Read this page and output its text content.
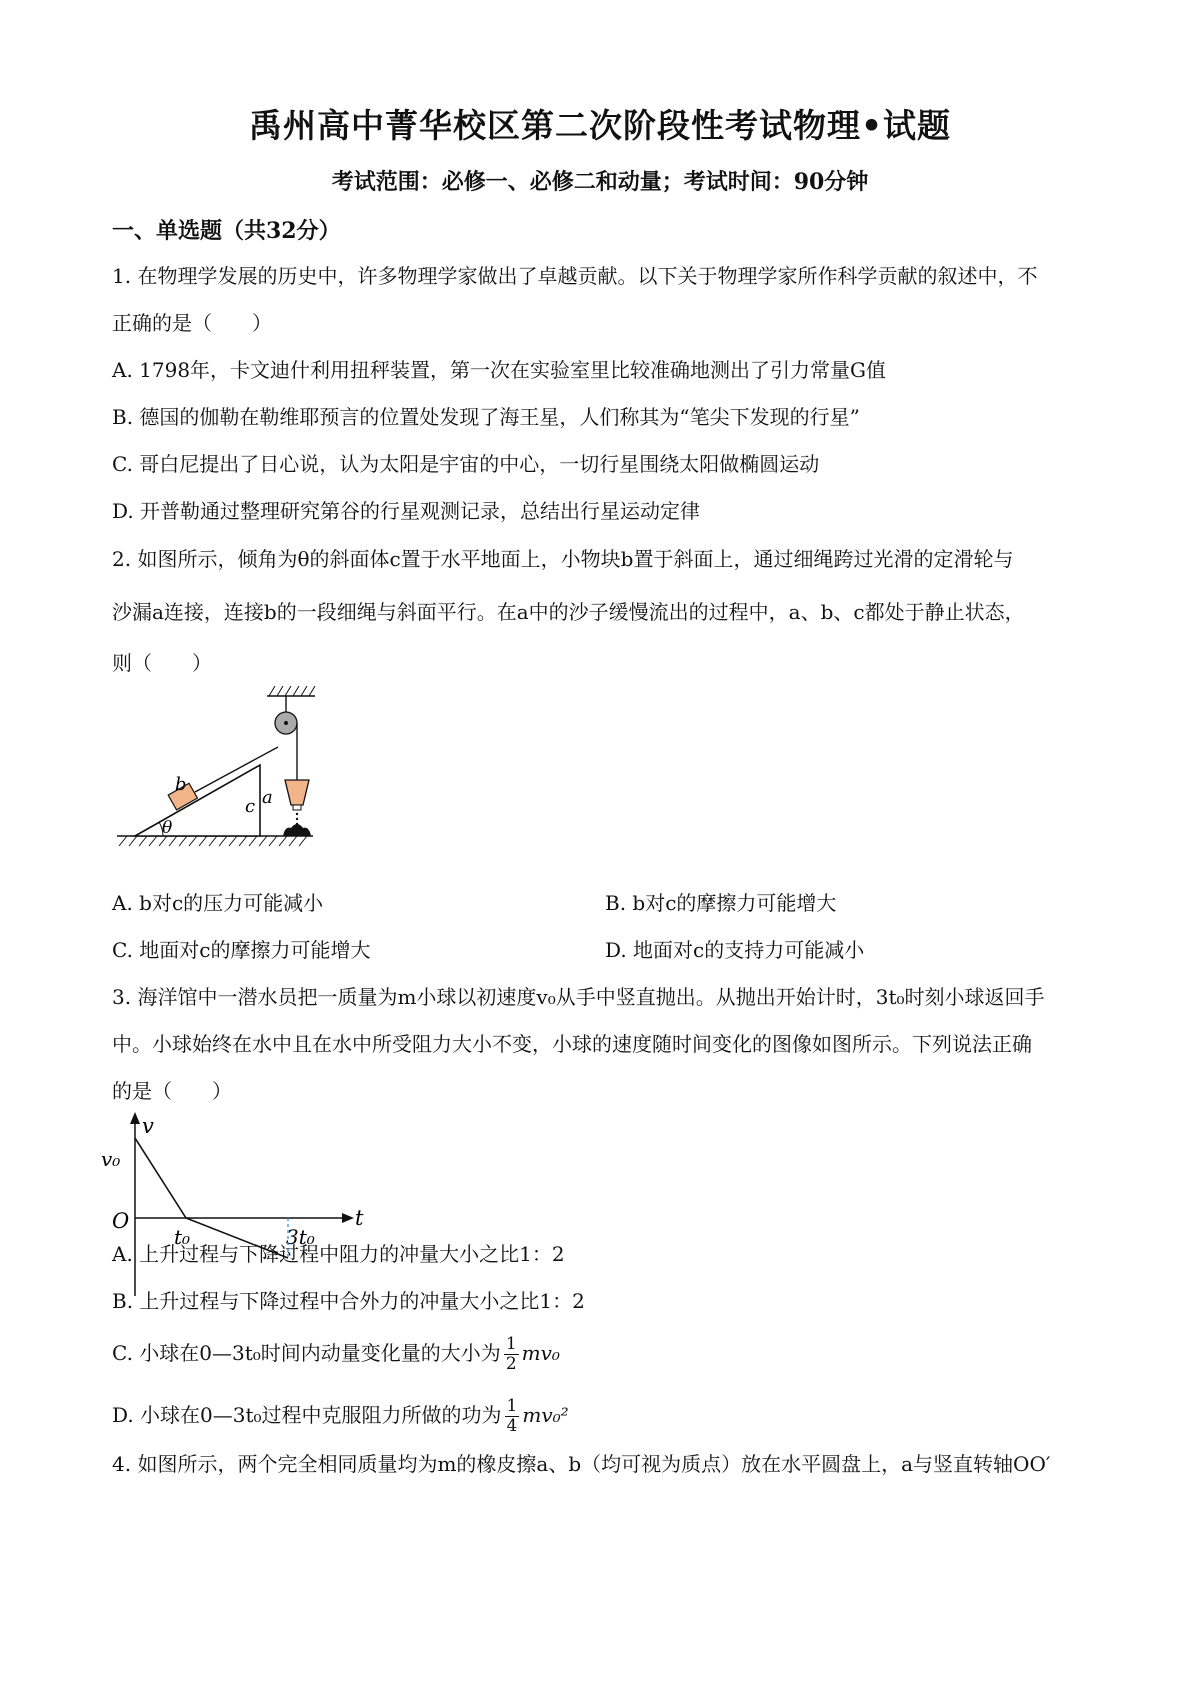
禹州高中菁华校区第二次阶段性考试物理•试题
考试范围：必修一、必修二和动量；考试时间：90分钟
一、单选题（共32分）
1. 在物理学发展的历史中，许多物理学家做出了卓越贡献。以下关于物理学家所作科学贡献的叙述中，不
正确的是（　　）
A. 1798年，卡文迪什利用扭秤装置，第一次在实验室里比较准确地测出了引力常量G值
B. 德国的伽勒在勒维耶预言的位置处发现了海王星，人们称其为“笔尖下发现的行星”
C. 哥白尼提出了日心说，认为太阳是宇宙的中心，一切行星围绕太阳做椭圆运动
D. 开普勒通过整理研究第谷的行星观测记录，总结出行星运动定律
2. 如图所示，倾角为θ的斜面体c置于水平地面上，小物块b置于斜面上，通过细绳跨过光滑的定滑轮与
沙漏a连接，连接b的一段细绳与斜面平行。在a中的沙子缓慢流出的过程中，a、b、c都处于静止状态，
则（　　）
θ
c
b
a
A. b对c的压力可能减小	B. b对c的摩擦力可能增大
C. 地面对c的摩擦力可能增大	D. 地面对c的支持力可能减小
3. 海洋馆中一潜水员把一质量为m小球以初速度v₀从手中竖直抛出。从抛出开始计时，3t₀时刻小球返回手
中。小球始终在水中且在水中所受阻力大小不变，小球的速度随时间变化的图像如图所示。下列说法正确
的是（　　）
v
t
O
v₀
t₀	3t₀
A. 上升过程与下降过程中阻力的冲量大小之比1：2
B. 上升过程与下降过程中合外力的冲量大小之比1：2
C. 小球在0—3t₀时间内动量变化量的大小为 $\frac{1}{2} mv_0$
D. 小球在0—3t₀过程中克服阻力所做的功为 $\frac{1}{4} mv_0^2$
4. 如图所示，两个完全相同质量均为m的橡皮擦a、b（均可视为质点）放在水平圆盘上，a与竖直转轴OO′
